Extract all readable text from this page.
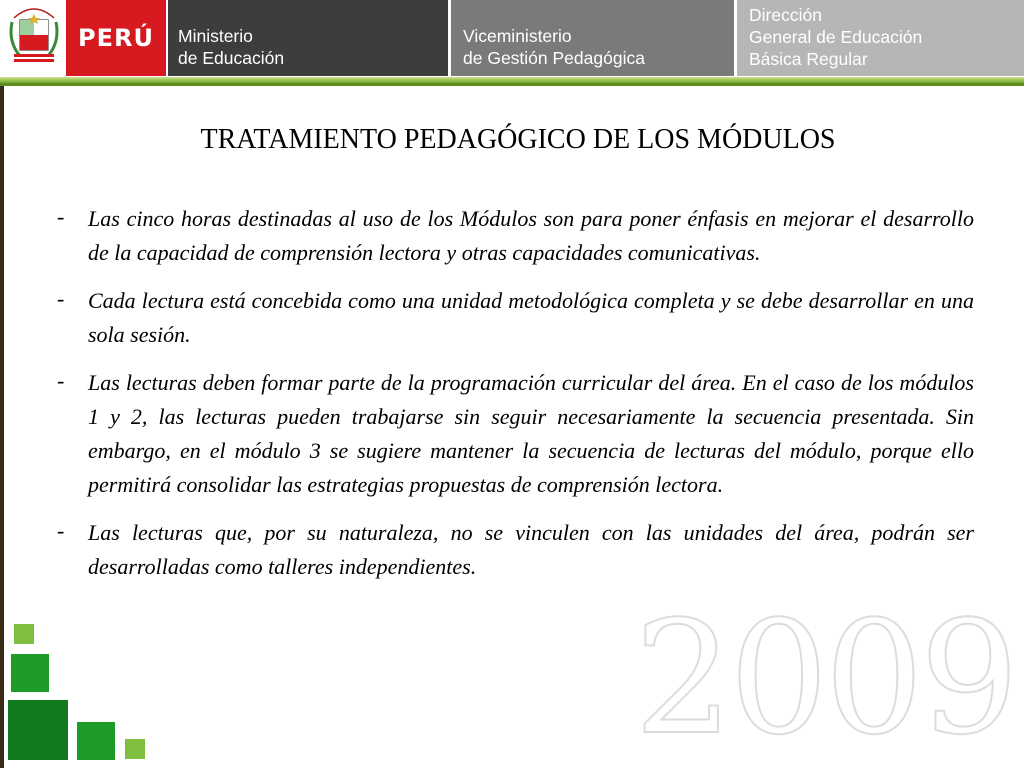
PERÚ	Ministerio
de Educación
Viceministerio
de Gestión Pedagógica
Dirección
General de Educación
Básica Regular
2009
TRATAMIENTO PEDAGÓGICO DE LOS MÓDULOS
- Las cinco horas destinadas al uso de los Módulos son para poner énfasis en mejorar el desarrollo de la capacidad de comprensión lectora y otras capacidades comunicativas.

- Cada lectura está concebida como una unidad metodológica completa y se debe desarrollar en una sola sesión.

- Las lecturas deben formar parte de la programación curricular del área. En el caso de los módulos 1 y 2, las lecturas pueden trabajarse sin seguir necesariamente la secuencia presentada. Sin embargo, en el módulo 3 se sugiere mantener la secuencia de lecturas del módulo, porque ello permitirá consolidar las estrategias propuestas de comprensión lectora.

- Las lecturas que, por su naturaleza, no se vinculen con las unidades del área, podrán ser desarrolladas como talleres independientes.
